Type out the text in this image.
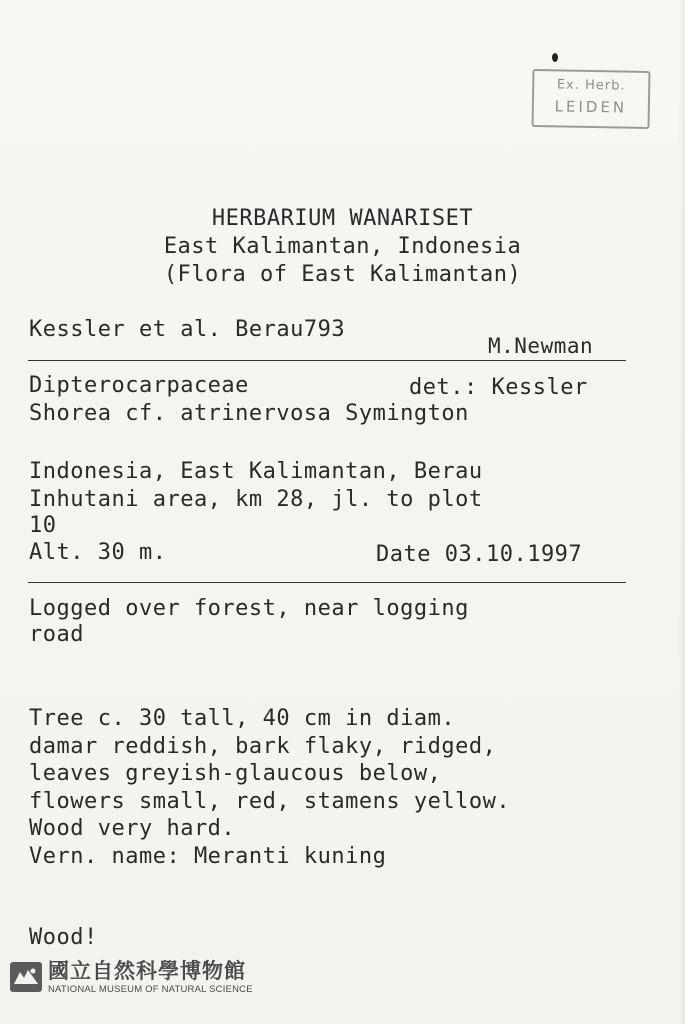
Ex. Herb.
LEIDEN
HERBARIUM WANARISET
East Kalimantan, Indonesia
(Flora of East Kalimantan)
Kessler et al. Berau793
M.Newman
Dipterocarpaceae	det.: Kessler
Shorea cf. atrinervosa Symington
Indonesia, East Kalimantan, Berau
Inhutani area, km 28, jl. to plot
10
Alt. 30 m.	Date 03.10.1997
Logged over forest, near logging
road
Tree c. 30 tall, 40 cm in diam.
damar reddish, bark flaky, ridged,
leaves greyish-glaucous below,
flowers small, red, stamens yellow.
Wood very hard.
Vern. name: Meranti kuning
Wood!
國立自然科學博物館
NATIONAL MUSEUM OF NATURAL SCIENCE
